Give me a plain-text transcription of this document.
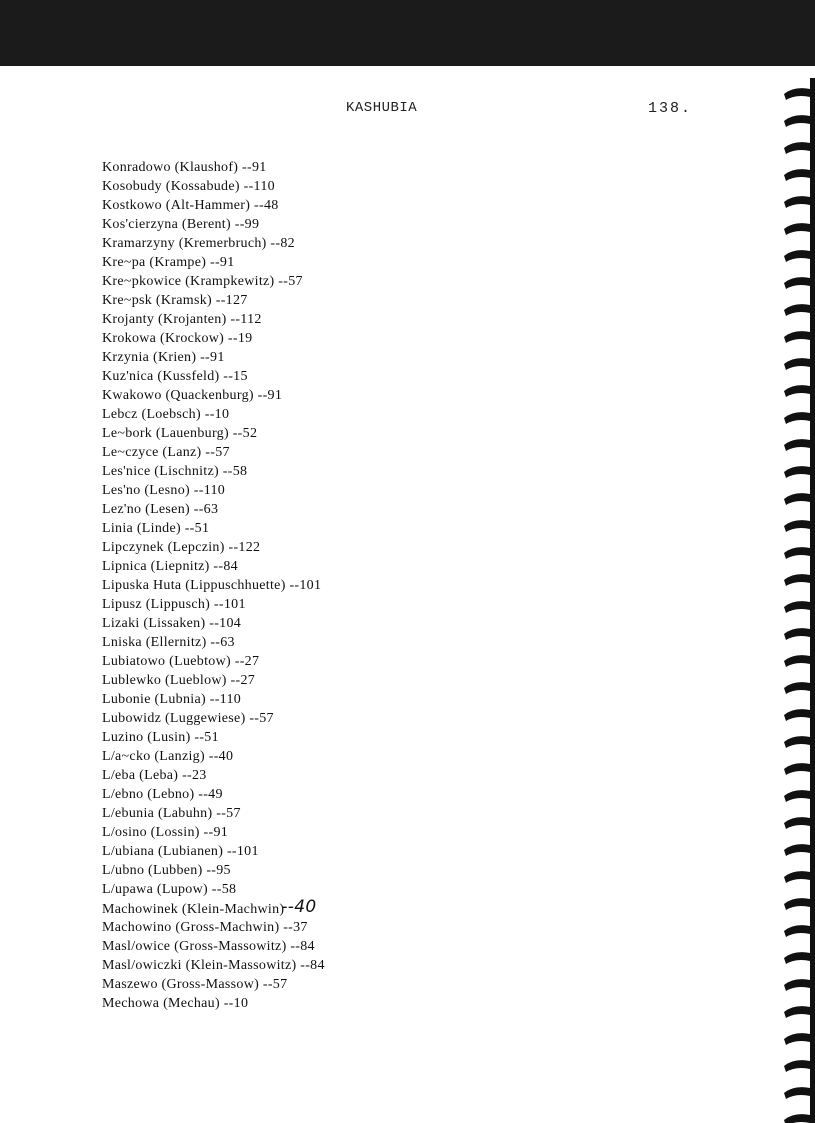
KASHUBIA	138.
Konradowo (Klaushof) --91
Kosobudy (Kossabude) --110
Kostkowo (Alt-Hammer) --48
Kos'cierzyna (Berent) --99
Kramarzyny (Kremerbruch) --82
Kre~pa (Krampe) --91
Kre~pkowice (Krampkewitz) --57
Kre~psk (Kramsk) --127
Krojanty (Krojanten) --112
Krokowa (Krockow) --19
Krzynia (Krien) --91
Kuz'nica (Kussfeld) --15
Kwakowo (Quackenburg) --91
Lebcz (Loebsch) --10
Le~bork (Lauenburg) --52
Le~czyce (Lanz) --57
Les'nice (Lischnitz) --58
Les'no (Lesno) --110
Lez'no (Lesen) --63
Linia (Linde) --51
Lipczynek (Lepczin) --122
Lipnica (Liepnitz) --84
Lipuska Huta (Lippuschhuette) --101
Lipusz (Lippusch) --101
Lizaki (Lissaken) --104
Lniska (Ellernitz) --63
Lubiatowo (Luebtow) --27
Lublewko (Lueblow) --27
Lubonie (Lubnia) --110
Lubowidz (Luggewiese) --57
Luzino (Lusin) --51
L/a~cko (Lanzig) --40
L/eba (Leba) --23
L/ebno (Lebno) --49
L/ebunia (Labuhn) --57
L/osino (Lossin) --91
L/ubiana (Lubianen) --101
L/ubno (Lubben) --95
L/upawa (Lupow) --58
Machowinek (Klein-Machwin)--40
Machowino (Gross-Machwin) --37
Masl/owice (Gross-Massowitz) --84
Masl/owiczki (Klein-Massowitz) --84
Maszewo (Gross-Massow) --57
Mechowa (Mechau) --10
